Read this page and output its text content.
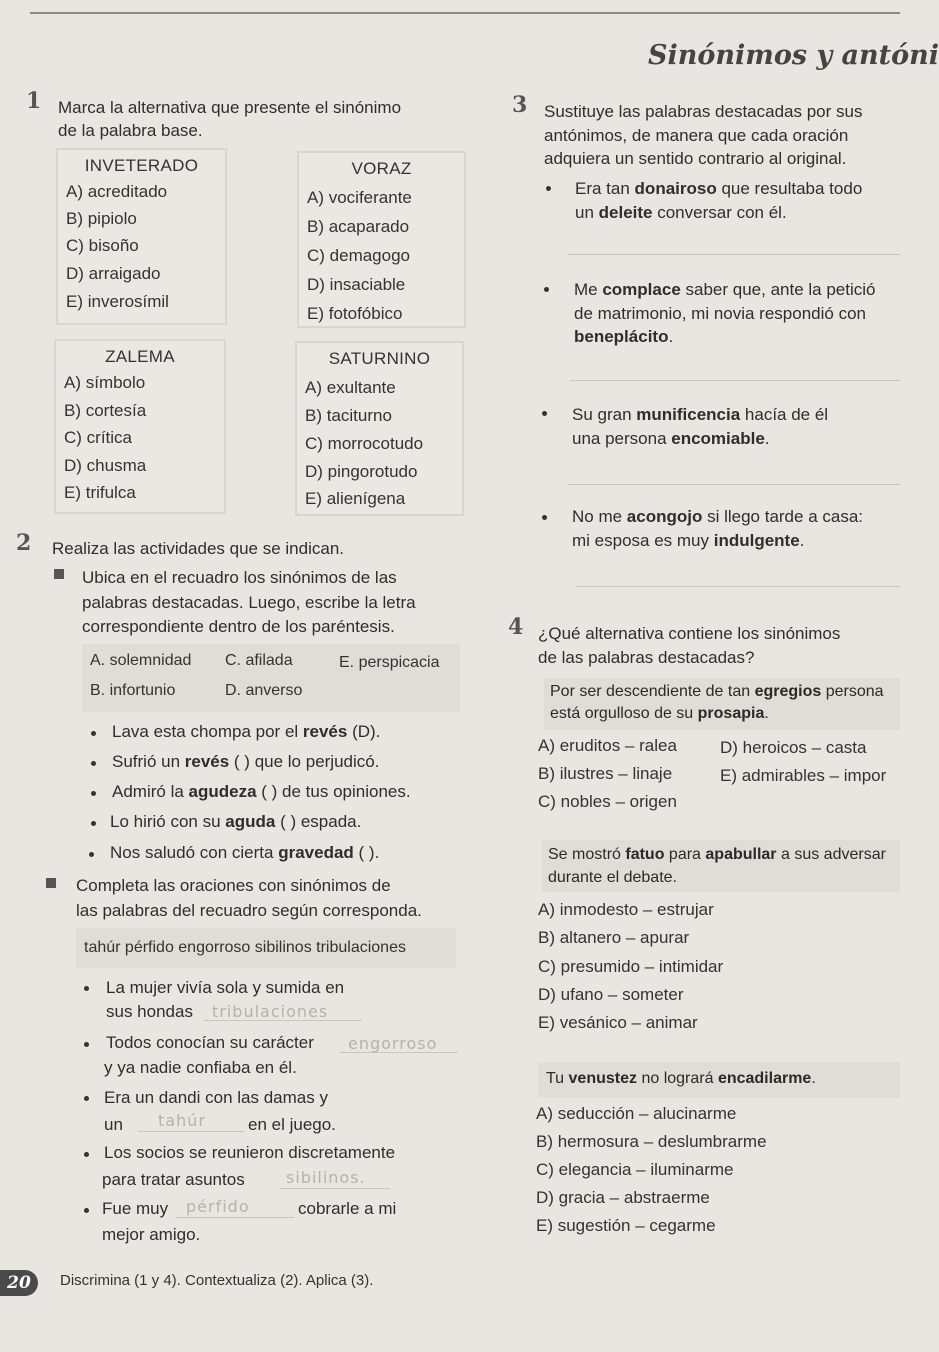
Sinónimos y antóni
1 Marca la alternativa que presente el sinónimo
de la palabra base.
INVETERADO
A) acreditado
B) pipiolo
C) bisoño
D) arraigado
E) inverosímil
VORAZ
A) vociferante
B) acaparado
C) demagogo
D) insaciable
E) fotofóbico
ZALEMA
A) símbolo
B) cortesía
C) crítica
D) chusma
E) trifulca
SATURNINO
A) exultante
B) taciturno
C) morrocotudo
D) pingorotudo
E) alienígena
2 Realiza las actividades que se indican.
Ubica en el recuadro los sinónimos de las
palabras destacadas. Luego, escribe la letra
correspondiente dentro de los paréntesis.
A. solemnidad C. afilada	E. perspicacia
B. infortunio	D. anverso
Lava esta chompa por el revés (D).
Sufrió un revés ( ) que lo perjudicó.
Admiró la agudeza ( ) de tus opiniones.
Lo hirió con su aguda ( ) espada.
Nos saludó con cierta gravedad ( ).
Completa las oraciones con sinónimos de
las palabras del recuadro según corresponda.
tahúr pérfido engorroso sibilinos tribulaciones
La mujer vivía sola y sumida en
sus hondas tribulaciones
Todos conocían su carácter engorroso
y ya nadie confiaba en él.
Era un dandi con las damas y
un tahúr en el juego.
Los socios se reunieron discretamente
para tratar asuntos	sibilinos.
Fue muy pérfido	cobrarle a mi
mejor amigo.
3 Sustituye las palabras destacadas por sus
antónimos, de manera que cada oración
adquiera un sentido contrario al original.
Era tan donairoso que resultaba todo
un deleite conversar con él.
Me complace saber que, ante la petició
de matrimonio, mi novia respondió con
beneplácito.
Su gran munificencia hacía de él
una persona encomiable.
No me acongojo si llego tarde a casa:
mi esposa es muy indulgente.
4 ¿Qué alternativa contiene los sinónimos
de las palabras destacadas?
Por ser descendiente de tan egregios persona
está orgulloso de su prosapia.
A) eruditos – ralea	D) heroicos – casta
B) ilustres – linaje	E) admirables – impor
C) nobles – origen
Se mostró fatuo para apabullar a sus adversar
durante el debate.
A) inmodesto – estrujar
B) altanero – apurar
C) presumido – intimidar
D) ufano – someter
E) vesánico – animar
Tu venustez no logrará encadilarme.
A) seducción – alucinarme
B) hermosura – deslumbrarme
C) elegancia – iluminarme
D) gracia – abstraerme
E) sugestión – cegarme
20	Discrimina (1 y 4). Contextualiza (2). Aplica (3).
